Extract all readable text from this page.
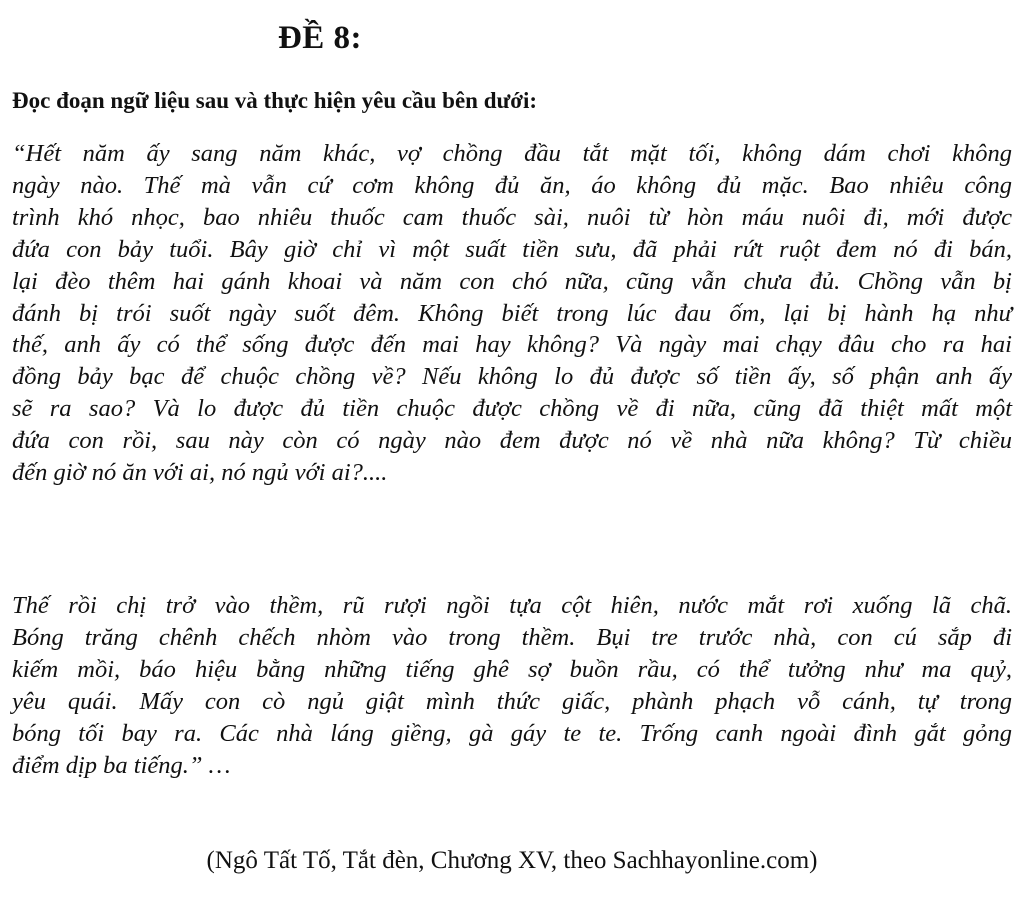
ĐỀ 8:
Đọc đoạn ngữ liệu sau và thực hiện yêu cầu bên dưới:
“Hết năm ấy sang năm khác, vợ chồng đầu tắt mặt tối, không dám chơi không
ngày nào. Thế mà vẫn cứ cơm không đủ ăn, áo không đủ mặc. Bao nhiêu công
trình khó nhọc, bao nhiêu thuốc cam thuốc sài, nuôi từ hòn máu nuôi đi, mới được
đứa con bảy tuổi. Bây giờ chỉ vì một suất tiền sưu, đã phải rứt ruột đem nó đi bán,
lại đèo thêm hai gánh khoai và năm con chó nữa, cũng vẫn chưa đủ. Chồng vẫn bị
đánh bị trói suốt ngày suốt đêm. Không biết trong lúc đau ốm, lại bị hành hạ như
thế, anh ấy có thể sống được đến mai hay không? Và ngày mai chạy đâu cho ra hai
đồng bảy bạc để chuộc chồng về? Nếu không lo đủ được số tiền ấy, số phận anh ấy
sẽ ra sao? Và lo được đủ tiền chuộc được chồng về đi nữa, cũng đã thiệt mất một
đứa con rồi, sau này còn có ngày nào đem được nó về nhà nữa không? Từ chiều
đến giờ nó ăn với ai, nó ngủ với ai?....
Thế rồi chị trở vào thềm, rũ rượi ngồi tựa cột hiên, nước mắt rơi xuống lã chã.
Bóng trăng chênh chếch nhòm vào trong thềm. Bụi tre trước nhà, con cú sắp đi
kiếm mồi, báo hiệu bằng những tiếng ghê sợ buồn rầu, có thể tưởng như ma quỷ,
yêu quái. Mấy con cò ngủ giật mình thức giấc, phành phạch vỗ cánh, tự trong
bóng tối bay ra. Các nhà láng giềng, gà gáy te te. Trống canh ngoài đình gắt gỏng
điểm dịp ba tiếng.” …
(Ngô Tất Tố, Tắt đèn, Chương XV, theo Sachhayonline.com)
